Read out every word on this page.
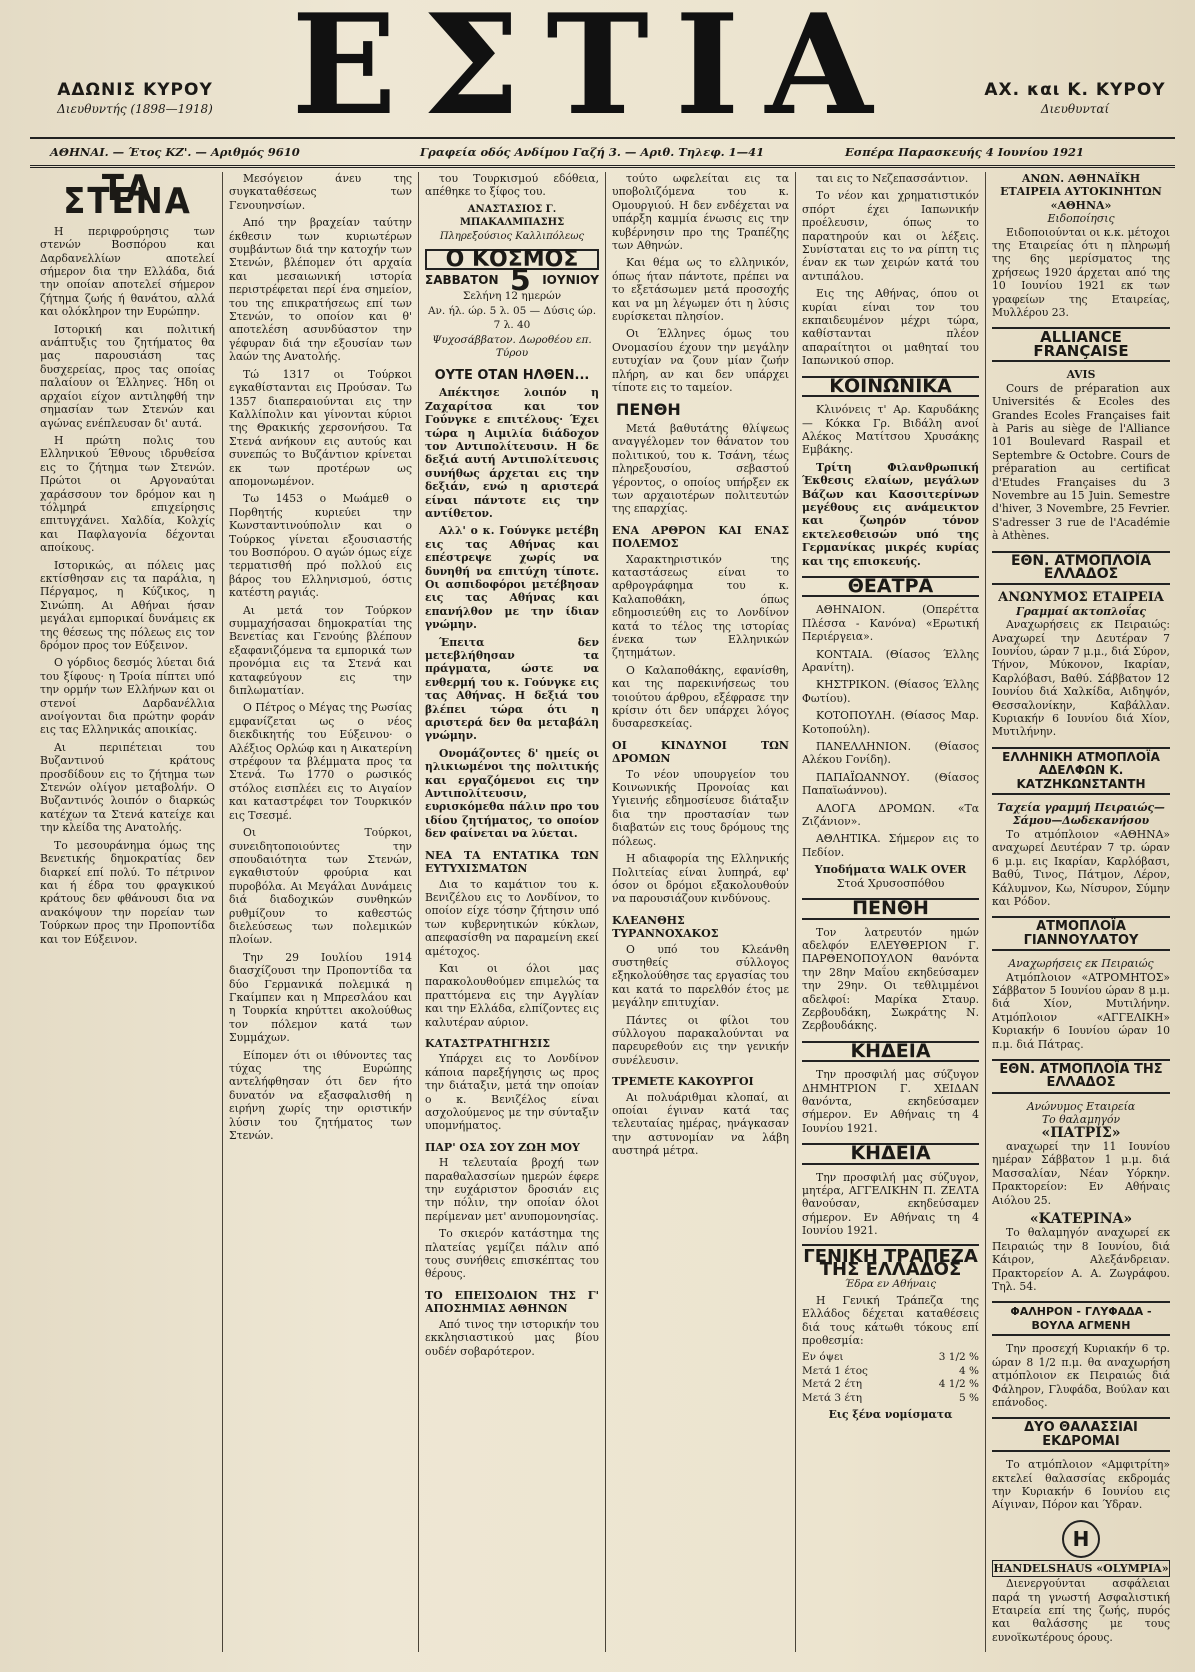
ΑΔΩΝΙΣ ΚΥΡΟΥ
Διευθυντής (1898—1918) ΕΣΤΙΑ	ΑΧ. και Κ. ΚΥΡΟΥ
Διευθυνταί
ΑΘΗΝΑΙ. — Έτος ΚΖ'. — Αριθμός 9610	Γραφεία οδός Ανδίμου Γαζή 3. — Αριθ. Τηλεφ. 1—41	Εσπέρα Παρασκευής 4 Ιουνίου 1921
ΤΑ ΣΤΕΝΑ

Η περιφρούρησις των στενών Βοσπόρου και Δαρδανελλίων αποτελεί σήμερον δια την Ελλάδα, διά την οποίαν αποτελεί σήμερον ζήτημα ζωής ή θανάτου, αλλά και ολόκληρον την Ευρώπην.

Ιστορική και πολιτική ανάπτυξις του ζητήματος θα μας παρουσιάση τας δυσχερείας, προς τας οποίας παλαίουν οι Έλληνες. Ήδη οι αρχαίοι είχον αντιληφθή την σημασίαν των Στενών και αγώνας ενέπλευσαν δι' αυτά.

Η πρώτη πολις του Ελληνικού Έθνους ιδρυθείσα εις το ζήτημα των Στενών. Πρώτοι οι Αργοναύται χαράσσουν τον δρόμον και η τόλμηρά επιχείρησις επιτυγχάνει. Χαλδία, Κολχίς και Παφλαγονία δέχονται αποίκους.

Ιστορικώς, αι πόλεις μας εκτίσθησαν εις τα παράλια, η Πέργαμος, η Κύζικος, η Σινώπη. Αι Αθήναι ήσαν μεγάλαι εμπορικαί δυνάμεις εκ της θέσεως της πόλεως εις τον δρόμον προς τον Εύξεινον.

Ο γόρδιος δεσμός λύεται διά του ξίφους· η Τροία πίπτει υπό την ορμήν των Ελλήνων και οι στενοί Δαρδανέλλια ανοίγονται δια πρώτην φοράν εις τας Ελληνικάς αποικίας.

Αι περιπέτειαι του Βυζαντινού κράτους προσδίδουν εις το ζήτημα των Στενών ολίγον μεταβολήν. Ο Βυζαντινός λοιπόν ο διαρκώς κατέχων τα Στενά κατείχε και την κλείδα της Ανατολής.

Το μεσουράνημα όμως της Βενετικής δημοκρατίας δεν διαρκεί επί πολύ. Το πέτρινον και ή έδρα του φραγκικού κράτους δεν φθάνουσι δια να ανακόψουν την πορείαν των Τούρκων προς την Προποντίδα και τον Εύξεινον.

Μεσόγειον άνευ της συγκαταθέσεως των Γενουηνσίων.

Από την βραχείαν ταύτην έκθεσιν των κυριωτέρων συμβάντων διά την κατοχήν των Στενών, βλέπομεν ότι αρχαία και μεσαιωνική ιστορία περιστρέφεται περί ένα σημείον, του της επικρατήσεως επί των Στενών, το οποίον και θ' αποτελέση ασυνδύαστον την γέφυραν διά την εξουσίαν των λαών της Ανατολής.

Τώ 1317 οι Τούρκοι εγκαθίστανται εις Προύσαν. Τω 1357 διαπεραιούνται εις την Καλλίπολιν και γίνονται κύριοι της Θρακικής χερσονήσου. Τα Στενά ανήκουν εις αυτούς και συνεπώς το Βυζάντιον κρίνεται εκ των προτέρων ως απομονωμένον.

Τω 1453 ο Μωάμεθ ο Πορθητής κυριεύει την Κωνσταντινούπολιν και ο Τούρκος γίνεται εξουσιαστής του Βοσπόρου. Ο αγών όμως είχε τερματισθή πρό πολλού εις βάρος του Ελληνισμού, όστις κατέστη ραγιάς.

Αι μετά τον Τούρκον συμμαχήσασαι δημοκρατίαι της Βενετίας και Γενούης βλέπουν εξαφανιζόμενα τα εμπορικά των προνόμια εις τα Στενά και καταφεύγουν εις την διπλωματίαν.

Ο Πέτρος ο Μέγας της Ρωσίας εμφανίζεται ως ο νέος διεκδικητής του Εύξεινου· ο Αλέξιος Ορλώφ και η Αικατερίνη στρέφουν τα βλέμματα προς τα Στενά. Τω 1770 ο ρωσικός στόλος εισπλέει εις το Αιγαίον και καταστρέφει τον Τουρκικόν εις Τσεσμέ.

Οι Τούρκοι, συνειδητοποιούντες την σπουδαιότητα των Στενών, εγκαθιστούν φρούρια και πυροβόλα. Αι Μεγάλαι Δυνάμεις διά διαδοχικών συνθηκών ρυθμίζουν το καθεστώς διελεύσεως των πολεμικών πλοίων.

Την 29 Ιουλίου 1914 διασχίζουσι την Προποντίδα τα δύο Γερμανικά πολεμικά η Γκαίμπεν και η Μπρεσλάου και η Τουρκία κηρύττει ακολούθως τον πόλεμον κατά των Συμμάχων.

Είπομεν ότι οι ιθύνοντες τας τύχας της Ευρώπης αντελήφθησαν ότι δεν ήτο δυνατόν να εξασφαλισθή η ειρήνη χωρίς την οριστικήν λύσιν του ζητήματος των Στενών.

του Τουρκισμού εδόθεια, απέθηκε το ξίφος του.

ΑΝΑΣΤΑΣΙΟΣ Γ. ΜΠΑΚΑΛΜΠΑΣΗΣ
Πληρεξούσιος Καλλιπόλεως
Ο ΚΟΣΜΟΣ
ΣΑΒΒΑΤΟΝ 5 ΙΟΥΝΙΟΥ
Σελήνη 12 ημερών
Αν. ήλ. ώρ. 5 λ. 05 — Δύσις ώρ. 7 λ. 40
Ψυχοσάββατον. Δωροθέου επ. Τύρου
ΟΥΤΕ ΟΤΑΝ ΗΛΘΕΝ...

Απέκτησε λοιπόν η Ζαχαρίτσα και τον Γούνγκε ε επιτέλους· Έχει τώρα η Αιμιλία διάδοχον τον Αντιπολίτευσιν. Η δε δεξιά αυτή Αντιπολίτευσις συνήθως άρχεται εις την δεξιάν, ενώ η αριστερά είναι πάντοτε εις την αντίθετον.

Αλλ' ο κ. Γούνγκε μετέβη εις τας Αθήνας και επέστρεψε χωρίς να δυνηθή να επιτύχη τίποτε. Οι ασπιδοφόροι μετέβησαν εις τας Αθήνας και επανήλθον με την ίδιαν γνώμην.

Έπειτα δεν μετεβλήθησαν τα πράγματα, ώστε να ενθερμή του κ. Γούνγκε εις τας Αθήνας. Η δεξιά του βλέπει τώρα ότι η αριστερά δεν θα μεταβάλη γνώμην.

Ονομάζοντες δ' ημείς οι ηλικιωμένοι της πολιτικής και εργαζόμενοι εις την Αντιπολίτευσιν, ευρισκόμεθα πάλιν προ του ιδίου ζητήματος, το οποίον δεν φαίνεται να λύεται.

ΝΕΑ ΤΑ ΕΝΤΑΤΙΚΑ ΤΩΝ ΕΥΤΥΧΙΣΜΑΤΩΝ

Δια το καμάτιον του κ. Βενιζέλου εις το Λονδίνον, το οποίον είχε τόσην ζήτησιν υπό των κυβερνητικών κύκλων, απεφασίσθη να παραμείνη εκεί αμέτοχος.

Και οι όλοι μας παρακολουθούμεν επιμελώς τα πραττόμενα εις την Αγγλίαν και την Ελλάδα, ελπίζοντες εις καλυτέραν αύριον.

ΚΑΤΑΣΤΡΑΤΗΓΗΣΙΣ

Υπάρχει εις το Λονδίνον κάποια παρεξήγησις ως προς την διάταξιν, μετά την οποίαν ο κ. Βενιζέλος είναι ασχολούμενος με την σύνταξιν υπομνήματος.

ΠΑΡ' ΟΣΑ ΣΟΥ ΖΩΗ ΜΟΥ

Η τελευταία βροχή των παραθαλασσίων ημερών έφερε την ευχάριστον δροσιάν εις την πόλιν, την οποίαν όλοι περίμεναν μετ' ανυπομονησίας.

Το σκιερόν κατάστημα της πλατείας γεμίζει πάλιν από τους συνήθεις επισκέπτας του θέρους.

ΤΟ ΕΠΕΙΣΟΔΙΟΝ ΤΗΣ Γ' ΑΠΟΣΗΜΙΑΣ ΑΘΗΝΩΝ

Από τινος την ιστορικήν του εκκλησιαστικού μας βίου ουδέν σοβαρότερον.

τούτο ωφελείται εις τα υποβολιζόμενα του κ. Ομουργιού. Η δεν ενδέχεται να υπάρξη καμμία ένωσις εις την κυβέρνησιν προ της Τραπέζης των Αθηνών.

Και θέμα ως το ελληνικόν, όπως ήταν πάντοτε, πρέπει να το εξετάσωμεν μετά προσοχής και να μη λέγωμεν ότι η λύσις ευρίσκεται πλησίον.

Οι Έλληνες όμως του Ονομασίου έχουν την μεγάλην ευτυχίαν να ζουν μίαν ζωήν πλήρη, αν και δεν υπάρχει τίποτε εις το ταμείον.

ΠΕΝΘΗ

Μετά βαθυτάτης θλίψεως αναγγέλομεν τον θάνατον του πολιτικού, του κ. Τσάνη, τέως πληρεξουσίου, σεβαστού γέροντος, ο οποίος υπήρξεν εκ των αρχαιοτέρων πολιτευτών της επαρχίας.

ΕΝΑ ΑΡΘΡΟΝ ΚΑΙ ΕΝΑΣ ΠΟΛΕΜΟΣ

Χαρακτηριστικόν της καταστάσεως είναι το αρθρογράφημα του κ. Καλαποθάκη, όπως εδημοσιεύθη εις το Λονδίνον κατά το τέλος της ιστορίας ένεκα των Ελληνικών ζητημάτων.

Ο Καλαποθάκης, εφανίσθη, και της παρεκινήσεως του τοιούτου άρθρου, εξέφρασε την κρίσιν ότι δεν υπάρχει λόγος δυσαρεσκείας.

ΟΙ ΚΙΝΔΥΝΟΙ ΤΩΝ ΔΡΟΜΩΝ

Το νέον υπουργείον του Κοινωνικής Προνοίας και Υγιεινής εδημοσίευσε διάταξιν δια την προστασίαν των διαβατών εις τους δρόμους της πόλεως.

Η αδιαφορία της Ελληνικής Πολιτείας είναι λυπηρά, εφ' όσον οι δρόμοι εξακολουθούν να παρουσιάζουν κινδύνους.

ΚΛΕΑΝΘΗΣ ΤΥΡΑΝΝΟΧΑΚΟΣ

Ο υπό του Κλεάνθη συστηθείς σύλλογος εξηκολούθησε τας εργασίας του και κατά το παρελθόν έτος με μεγάλην επιτυχίαν.

Πάντες οι φίλοι του σύλλογου παρακαλούνται να παρευρεθούν εις την γενικήν συνέλευσιν.

ΤΡΕΜΕΤΕ ΚΑΚΟΥΡΓΟΙ

Αι πολυάριθμαι κλοπαί, αι οποίαι έγιναν κατά τας τελευταίας ημέρας, ηνάγκασαν την αστυνομίαν να λάβη αυστηρά μέτρα.

ται εις το Νεζεπασσάντιον.

Το νέον και χρηματιστικόν σπόρτ έχει Ιαπωνικήν προέλευσιν, όπως το παρατηρούν και οι λέξεις. Συνίσταται εις το να ρίπτη τις έναν εκ των χειρών κατά του αντιπάλου.

Εις της Αθήνας, όπου οι κυρίαι είναι τον του εκπαιδευμένον μέχρι τώρα, καθίστανται πλέον απαραίτητοι οι μαθηταί του Ιαπωνικού σπορ.

ΚΟΙΝΩΝΙΚΑ

Κλινόνεις τ' Αρ. Καρυδάκης — Κόκκα Γρ. Βιδάλη ανοί Αλέκος Ματίτσου Χρυσάκης Εμβάκης.

Τρίτη Φιλανθρωπική Έκθεσις ελαίων, μεγάλων Βάζων και Κασσιτερίνων μεγέθους εις ανάμεικτον και ζωηρόν τόνον εκτελεσθεισών υπό της Γερμανίκας μικρές κυρίας και της επισκευής.

ΘΕΑΤΡΑ

ΑΘΗΝΑΙΟΝ. (Οπερέττα Πλέσσα - Κανόνα) «Ερωτική Περιέργεια».

ΚΟΝΤΑΙΑ. (Θίασος Έλλης Αρανίτη).

ΚΗΣΤΡΙΚΟΝ. (Θίασος Έλλης Φωτίου).

ΚΟΤΟΠΟΥΛΗ. (Θίασος Μαρ. Κοτοπούλη).

ΠΑΝΕΛΛΗΝΙΟΝ. (Θίασος Αλέκου Γονίδη).

ΠΑΠΑΪΩΑΝΝΟΥ. (Θίασος Παπαϊωάννου).

ΑΛΟΓΑ ΔΡΟΜΩΝ. «Τα Ζιζάνιον».

ΑΘΛΗΤΙΚΑ. Σήμερον εις το Πεδίον.

Υποδήματα WALK OVER
Στοά Χρυσοσπόθου
ΠΕΝΘΗ

Τον λατρευτόν ημών αδελφόν ΕΛΕΥΘΕΡΙΟΝ Γ. ΠΑΡΘΕΝΟΠΟΥΛΟΝ θανόντα την 28ην Μαΐου εκηδεύσαμεν την 29ην. Οι τεθλιμμένοι αδελφοί: Μαρίκα Σταυρ. Ζερβουδάκη, Σωκράτης Ν. Ζερβουδάκης.

ΚΗΔΕΙΑ

Την προσφιλή μας σύζυγον ΔΗΜΗΤΡΙΟΝ Γ. ΧΕΙΔΑΝ θανόντα, εκηδεύσαμεν σήμερον. Εν Αθήναις τη 4 Ιουνίου 1921.

ΚΗΔΕΙΑ

Την προσφιλή μας σύζυγον, μητέρα, ΑΓΓΕΛΙΚΗΝ Π. ΖΕΛΤΑ θανούσαν, εκηδεύσαμεν σήμερον. Εν Αθήναις τη 4 Ιουνίου 1921.

ΓΕΝΙΚΗ ΤΡΑΠΕΖΑ ΤΗΣ ΕΛΛΑΔΟΣ
Έδρα εν Αθήναις

Η Γενική Τράπεζα της Ελλάδος δέχεται καταθέσεις διά τους κάτωθι τόκους επί προθεσμία:

Εν όψει	3 1/2 %
Μετά 1 έτος	4 %
Μετά 2 έτη	4 1/2 %
Μετά 3 έτη	5 %
Εις ξένα νομίσματα
ΑΝΩΝ. ΑΘΗΝΑΪΚΗ ΕΤΑΙΡΕΙΑ ΑΥΤΟΚΙΝΗΤΩΝ «ΑΘΗΝΑ»
Ειδοποίησις

Ειδοποιούνται οι κ.κ. μέτοχοι της Εταιρείας ότι η πληρωμή της 6ης μερίσματος της χρήσεως 1920 άρχεται από της 10 Ιουνίου 1921 εκ των γραφείων της Εταιρείας, Μυλλέρου 23.

ALLIANCE FRANÇAISE
AVIS

Cours de préparation aux Universités & Ecoles des Grandes Ecoles Françaises fait à Paris au siège de l'Alliance 101 Boulevard Raspail et Septembre & Octobre. Cours de préparation au certificat d'Etudes Françaises du 3 Novembre au 15 Juin. Semestre d'hiver, 3 Novembre, 25 Fevrier. S'adresser 3 rue de l'Académie à Athènes.

ΕΘΝ. ΑΤΜΟΠΛΟΪΑ ΕΛΛΑΔΟΣ
ΑΝΩΝΥΜΟΣ ΕΤΑΙΡΕΙΑ
Γραμμαί ακτοπλοΐας

Αναχωρήσεις εκ Πειραιώς: Αναχωρεί την Δευτέραν 7 Ιουνίου, ώραν 7 μ.μ., διά Σύρον, Τήνον, Μύκονον, Ικαρίαν, Καρλόβασι, Βαθύ. Σάββατον 12 Ιουνίου διά Χαλκίδα, Αιδηψόν, Θεσσαλονίκην, Καβάλλαν. Κυριακήν 6 Ιουνίου διά Χίον, Μυτιλήνην.

ΕΛΛΗΝΙΚΗ ΑΤΜΟΠΛΟΪΑ ΑΔΕΛΦΩΝ Κ. ΚΑΤΖΗΚΩΝΣΤΑΝΤΗ
Ταχεία γραμμή Πειραιώς—Σάμου—Δωδεκανήσου

Το ατμόπλοιον «ΑΘΗΝΑ» αναχωρεί Δευτέραν 7 τρ. ώραν 6 μ.μ. εις Ικαρίαν, Καρλόβασι, Βαθύ, Τινος, Πάτμον, Λέρον, Κάλυμνον, Κω, Νίσυρον, Σύμην και Ρόδον.

ΑΤΜΟΠΛΟΪΑ ΓΙΑΝΝΟΥΛΑΤΟΥ
Αναχωρήσεις εκ Πειραιώς

Ατμόπλοιον «ΑΤΡΟΜΗΤΟΣ» Σάββατον 5 Ιουνίου ώραν 8 μ.μ. διά Χίον, Μυτιλήνην. Ατμόπλοιον «ΑΓΓΕΛΙΚΗ» Κυριακήν 6 Ιουνίου ώραν 10 π.μ. διά Πάτρας.

ΕΘΝ. ΑΤΜΟΠΛΟΪΑ ΤΗΣ ΕΛΛΑΔΟΣ
Ανώνυμος Εταιρεία
Το θαλαμηγόν
«ΠΑΤΡΙΣ»

αναχωρεί την 11 Ιουνίου ημέραν Σάββατον 1 μ.μ. διά Μασσαλίαν, Νέαν Υόρκην. Πρακτορείον: Εν Αθήναις Αιόλου 25.

«ΚΑΤΕΡΙΝΑ»

Το θαλαμηγόν αναχωρεί εκ Πειραιώς την 8 Ιουνίου, διά Κάιρον, Αλεξάνδρειαν. Πρακτορείον Α. Α. Ζωγράφου. Τηλ. 54.

ΦΑΛΗΡΟΝ - ΓΛΥΦΑΔΑ - ΒΟΥΛΑ ΑΓΜΕΝΗ

Την προσεχή Κυριακήν 6 τρ. ώραν 8 1/2 π.μ. θα αναχωρήση ατμόπλοιον εκ Πειραιώς διά Φάληρον, Γλυφάδα, Βούλαν και επάνοδος.

ΔΥΟ ΘΑΛΑΣΣΙΑΙ ΕΚΔΡΟΜΑΙ

Το ατμόπλοιον «Αμφιτρίτη» εκτελεί θαλασσίας εκδρομάς την Κυριακήν 6 Ιουνίου εις Αίγιναν, Πόρον και Ύδραν.

H
HANDELSHAUS «OLYMPIA»

Διενεργούνται ασφάλειαι παρά τη γνωστή Ασφαλιστική Εταιρεία επί της ζωής, πυρός και θαλάσσης με τους ευνοϊκωτέρους όρους.
